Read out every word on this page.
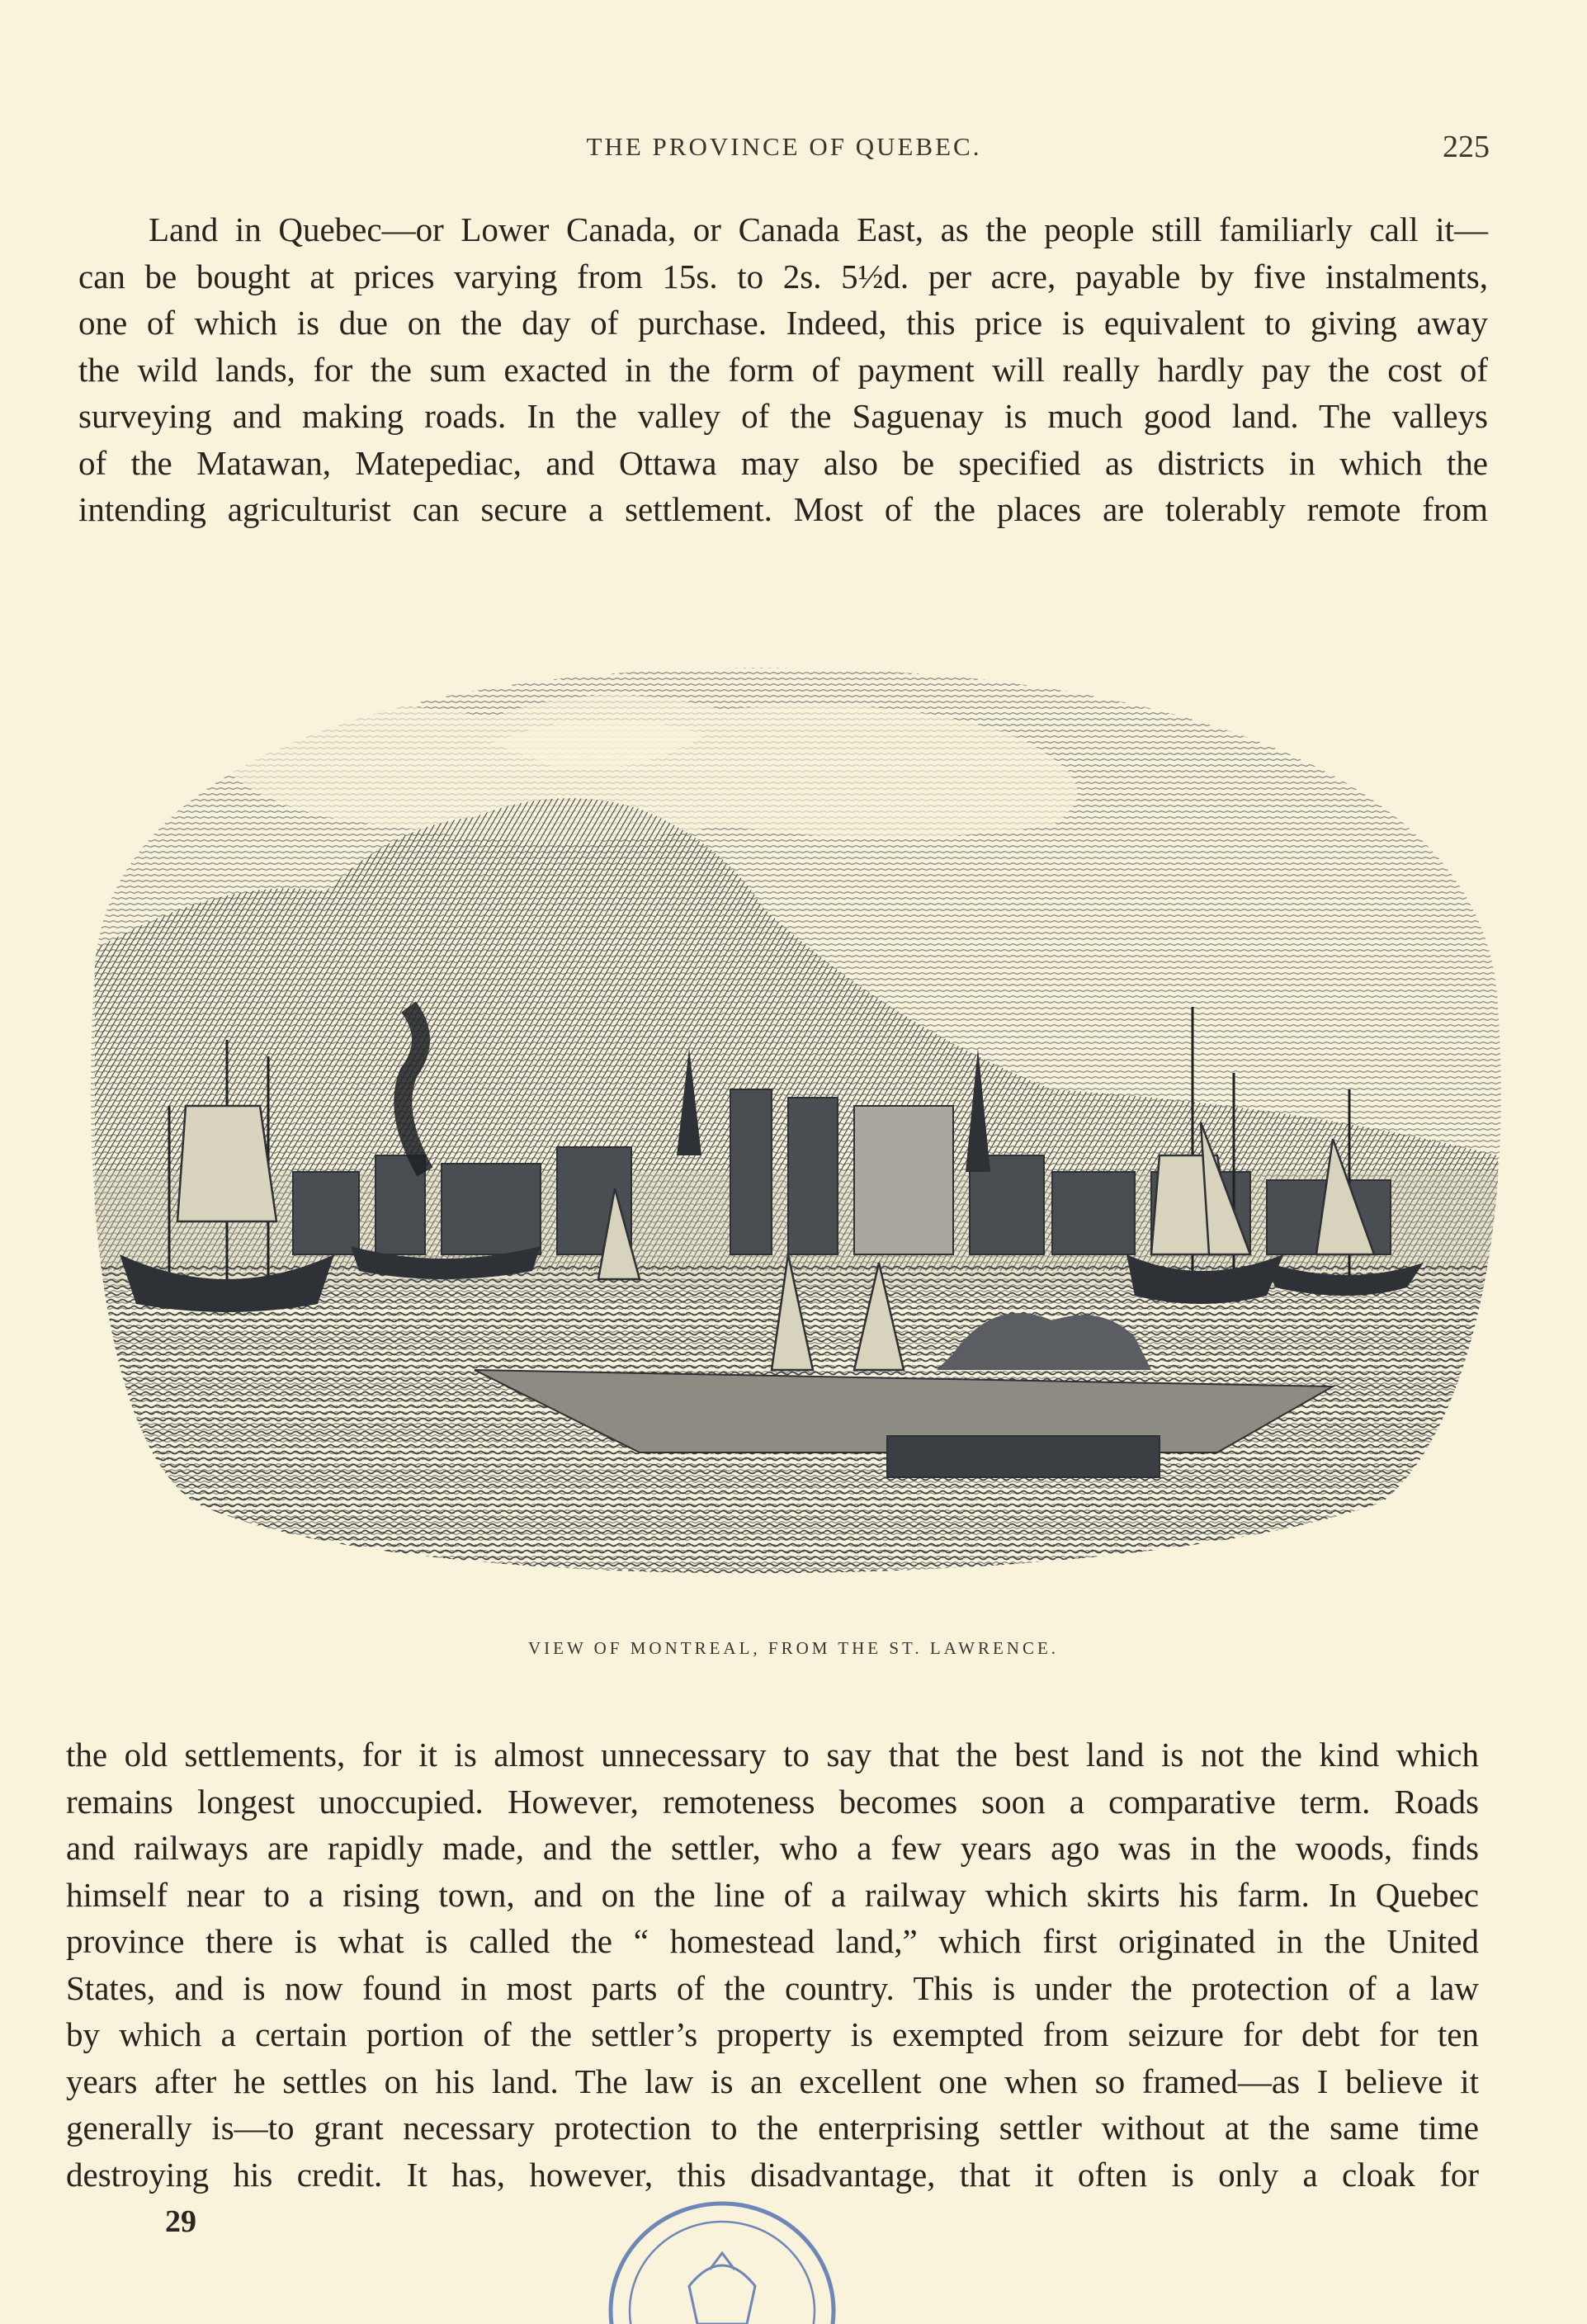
THE PROVINCE OF QUEBEC.	225
Land in Quebec—or Lower Canada, or Canada East, as the people still familiarly call it—
can be bought at prices varying from 15s. to 2s. 5½d. per acre, payable by five instalments,
one of which is due on the day of purchase. Indeed, this price is equivalent to giving away
the wild lands, for the sum exacted in the form of payment will really hardly pay the cost of
surveying and making roads. In the valley of the Saguenay is much good land. The valleys
of the Matawan, Matepediac, and Ottawa may also be specified as districts in which the
intending agriculturist can secure a settlement. Most of the places are tolerably remote from
VIEW OF MONTREAL, FROM THE ST. LAWRENCE.
the old settlements, for it is almost unnecessary to say that the best land is not the kind which
remains longest unoccupied. However, remoteness becomes soon a comparative term. Roads
and railways are rapidly made, and the settler, who a few years ago was in the woods, finds
himself near to a rising town, and on the line of a railway which skirts his farm. In Quebec
province there is what is called the “ homestead land,” which first originated in the United
States, and is now found in most parts of the country. This is under the protection of a law
by which a certain portion of the settler’s property is exempted from seizure for debt for ten
years after he settles on his land. The law is an excellent one when so framed—as I believe it
generally is—to grant necessary protection to the enterprising settler without at the same time
destroying his credit. It has, however, this disadvantage, that it often is only a cloak for
29
